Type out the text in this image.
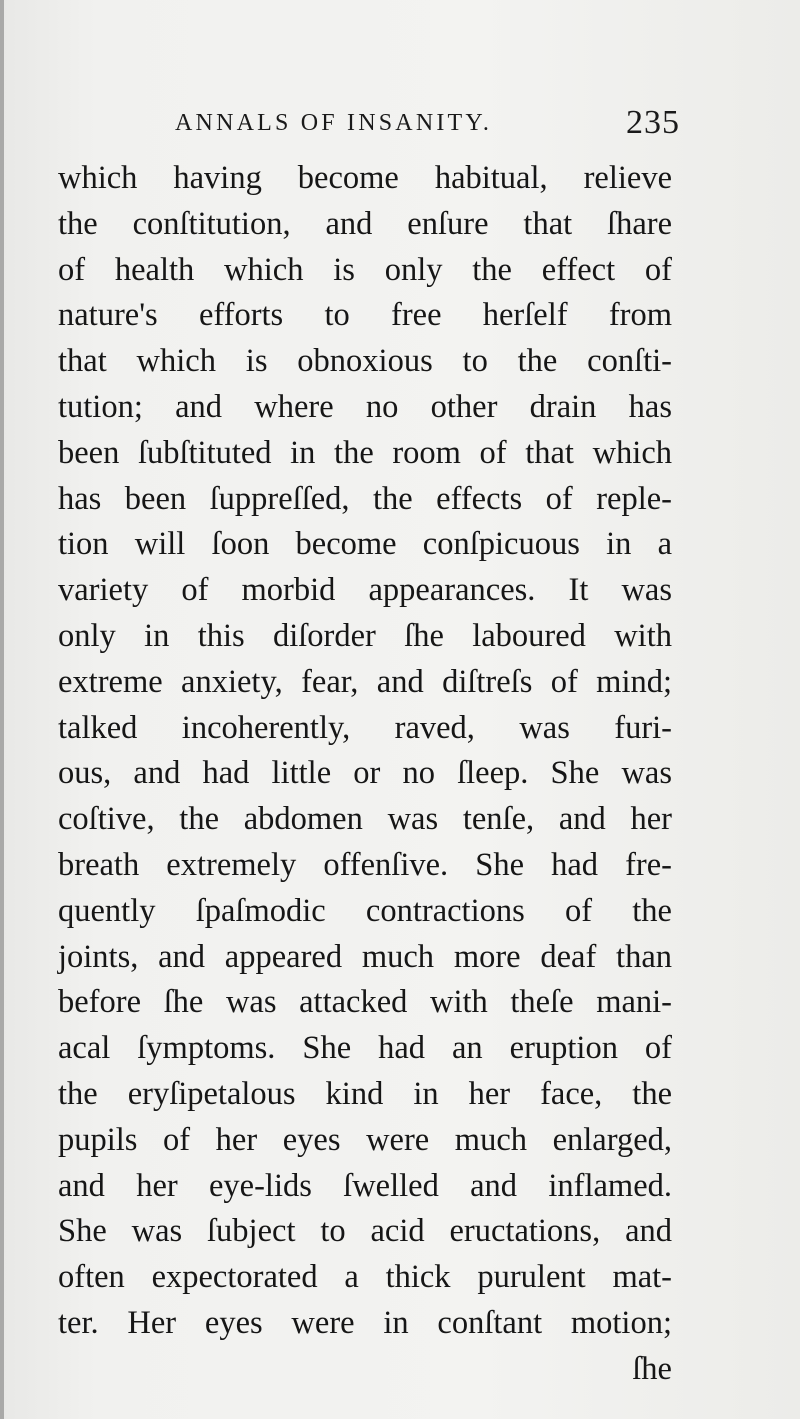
ANNALS OF INSANITY.	235
which having become habitual, relieve
the conſtitution, and enſure that ſhare
of health which is only the effect of
nature's efforts to free herſelf from
that which is obnoxious to the conſti-
tution; and where no other drain has
been ſubſtituted in the room of that which
has been ſuppreſſed, the effects of reple-
tion will ſoon become conſpicuous in a
variety of morbid appearances. It was
only in this diſorder ſhe laboured with
extreme anxiety, fear, and diſtreſs of mind;
talked incoherently, raved, was furi-
ous, and had little or no ſleep. She was
coſtive, the abdomen was tenſe, and her
breath extremely offenſive. She had fre-
quently ſpaſmodic contractions of the
joints, and appeared much more deaf than
before ſhe was attacked with theſe mani-
acal ſymptoms. She had an eruption of
the eryſipetalous kind in her face, the
pupils of her eyes were much enlarged,
and her eye-lids ſwelled and inflamed.
She was ſubject to acid eructations, and
often expectorated a thick purulent mat-
ter. Her eyes were in conſtant motion;
ſhe
